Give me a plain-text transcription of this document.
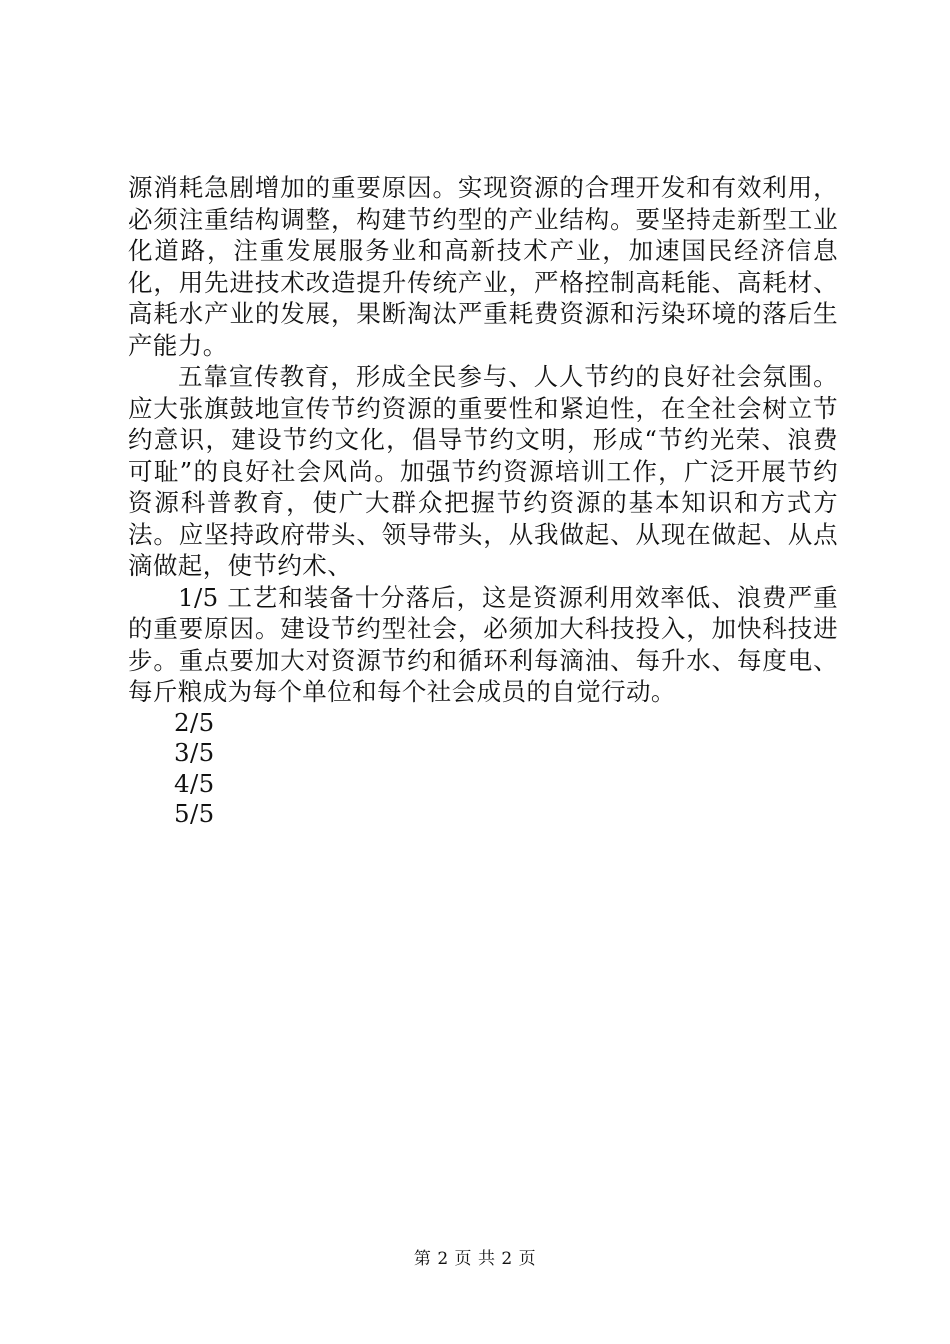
源消耗急剧增加的重要原因。实现资源的合理开发和有效利用，必须注重结构调整，构建节约型的产业结构。要坚持走新型工业化道路，注重发展服务业和高新技术产业，加速国民经济信息化，用先进技术改造提升传统产业，严格控制高耗能、高耗材、高耗水产业的发展，果断淘汰严重耗费资源和污染环境的落后生产能力。

五靠宣传教育，形成全民参与、人人节约的良好社会氛围。应大张旗鼓地宣传节约资源的重要性和紧迫性，在全社会树立节约意识，建设节约文化，倡导节约文明，形成“节约光荣、浪费可耻”的良好社会风尚。加强节约资源培训工作，广泛开展节约资源科普教育，使广大群众把握节约资源的基本知识和方式方法。应坚持政府带头、领导带头，从我做起、从现在做起、从点滴做起，使节约术、

1/5 工艺和装备十分落后，这是资源利用效率低、浪费严重的重要原因。建设节约型社会，必须加大科技投入，加快科技进步。重点要加大对资源节约和循环利每滴油、每升水、每度电、每斤粮成为每个单位和每个社会成员的自觉行动。

2/5

3/5

4/5

5/5

第 2 页 共 2 页
